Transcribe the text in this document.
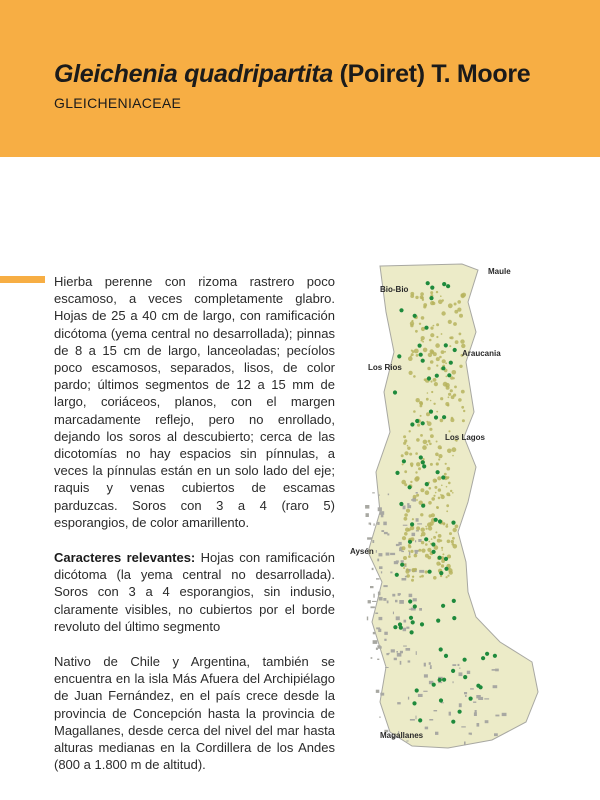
Gleichenia quadripartita (Poiret) T. Moore
GLEICHENIACEAE

Hierba perenne con rizoma rastrero poco escamoso, a veces completamente glabro. Hojas de 25 a 40 cm de largo, con ramificación dicótoma (yema central no desarrollada); pinnas de 8 a 15 cm de largo, lanceoladas; pecíolos poco escamosos, separados, lisos, de color pardo; últimos segmentos de 12 a 15 mm de largo, coriáceos, planos, con el margen marcadamente reflejo, pero no enrollado, dejando los soros al descubierto; cerca de las dicotomías no hay espacios sin pínnulas, a veces la pínnulas están en un solo lado del eje; raquis y venas cubiertos de escamas parduzcas. Soros con 3 a 4 (raro 5) esporangios, de color amarillento.

Caracteres relevantes: Hojas con ramificación dicótoma (la yema central no desarrollada). Soros con 3 a 4 esporangios, sin indusio, claramente visibles, no cubiertos por el borde revoluto del último segmento

Nativo de Chile y Argentina, también se encuentra en la isla Más Afuera del Archipiélago de Juan Fernández, en el país crece desde la provincia de Concepción hasta la provincia de Magallanes, desde cerca del nivel del mar hasta alturas medianas en la Cordillera de los Andes (800 a 1.800 m de altitud).

Maule
Bio-Bio
Araucania
Los Rios
Los Lagos
Aysén
Magallanes
